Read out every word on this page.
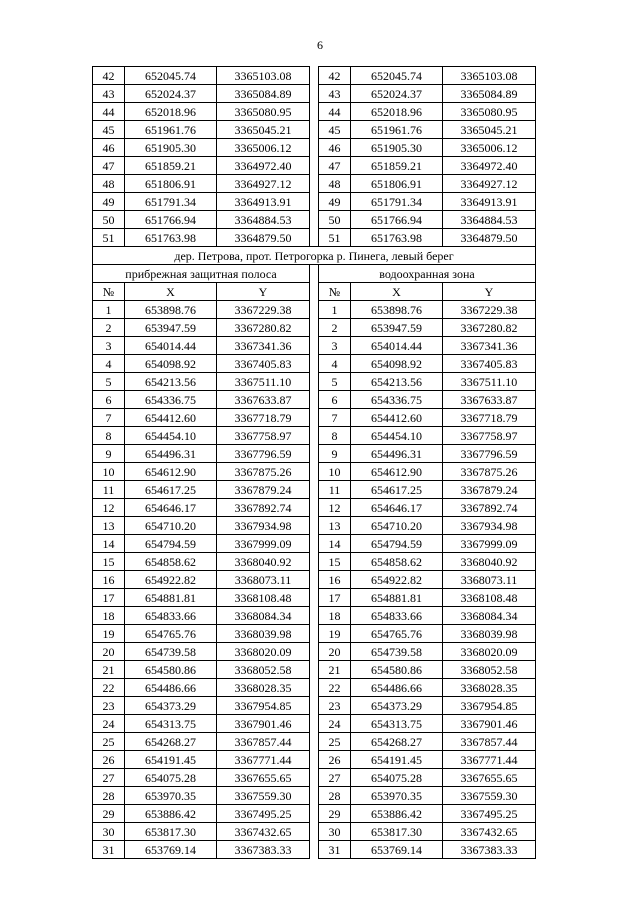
6
42	652045.74	3365103.08		42	652045.74	3365103.08
43	652024.37	3365084.89		43	652024.37	3365084.89
44	652018.96	3365080.95		44	652018.96	3365080.95
45	651961.76	3365045.21		45	651961.76	3365045.21
46	651905.30	3365006.12		46	651905.30	3365006.12
47	651859.21	3364972.40		47	651859.21	3364972.40
48	651806.91	3364927.12		48	651806.91	3364927.12
49	651791.34	3364913.91		49	651791.34	3364913.91
50	651766.94	3364884.53		50	651766.94	3364884.53
51	651763.98	3364879.50		51	651763.98	3364879.50
дер. Петрова, прот. Петрогорка р. Пинега, левый берег						
прибрежная защитная полоса				водоохранная зона		
№	X	Y		№	X	Y
1	653898.76	3367229.38		1	653898.76	3367229.38
2	653947.59	3367280.82		2	653947.59	3367280.82
3	654014.44	3367341.36		3	654014.44	3367341.36
4	654098.92	3367405.83		4	654098.92	3367405.83
5	654213.56	3367511.10		5	654213.56	3367511.10
6	654336.75	3367633.87		6	654336.75	3367633.87
7	654412.60	3367718.79		7	654412.60	3367718.79
8	654454.10	3367758.97		8	654454.10	3367758.97
9	654496.31	3367796.59		9	654496.31	3367796.59
10	654612.90	3367875.26		10	654612.90	3367875.26
11	654617.25	3367879.24		11	654617.25	3367879.24
12	654646.17	3367892.74		12	654646.17	3367892.74
13	654710.20	3367934.98		13	654710.20	3367934.98
14	654794.59	3367999.09		14	654794.59	3367999.09
15	654858.62	3368040.92		15	654858.62	3368040.92
16	654922.82	3368073.11		16	654922.82	3368073.11
17	654881.81	3368108.48		17	654881.81	3368108.48
18	654833.66	3368084.34		18	654833.66	3368084.34
19	654765.76	3368039.98		19	654765.76	3368039.98
20	654739.58	3368020.09		20	654739.58	3368020.09
21	654580.86	3368052.58		21	654580.86	3368052.58
22	654486.66	3368028.35		22	654486.66	3368028.35
23	654373.29	3367954.85		23	654373.29	3367954.85
24	654313.75	3367901.46		24	654313.75	3367901.46
25	654268.27	3367857.44		25	654268.27	3367857.44
26	654191.45	3367771.44		26	654191.45	3367771.44
27	654075.28	3367655.65		27	654075.28	3367655.65
28	653970.35	3367559.30		28	653970.35	3367559.30
29	653886.42	3367495.25		29	653886.42	3367495.25
30	653817.30	3367432.65		30	653817.30	3367432.65
31	653769.14	3367383.33		31	653769.14	3367383.33
